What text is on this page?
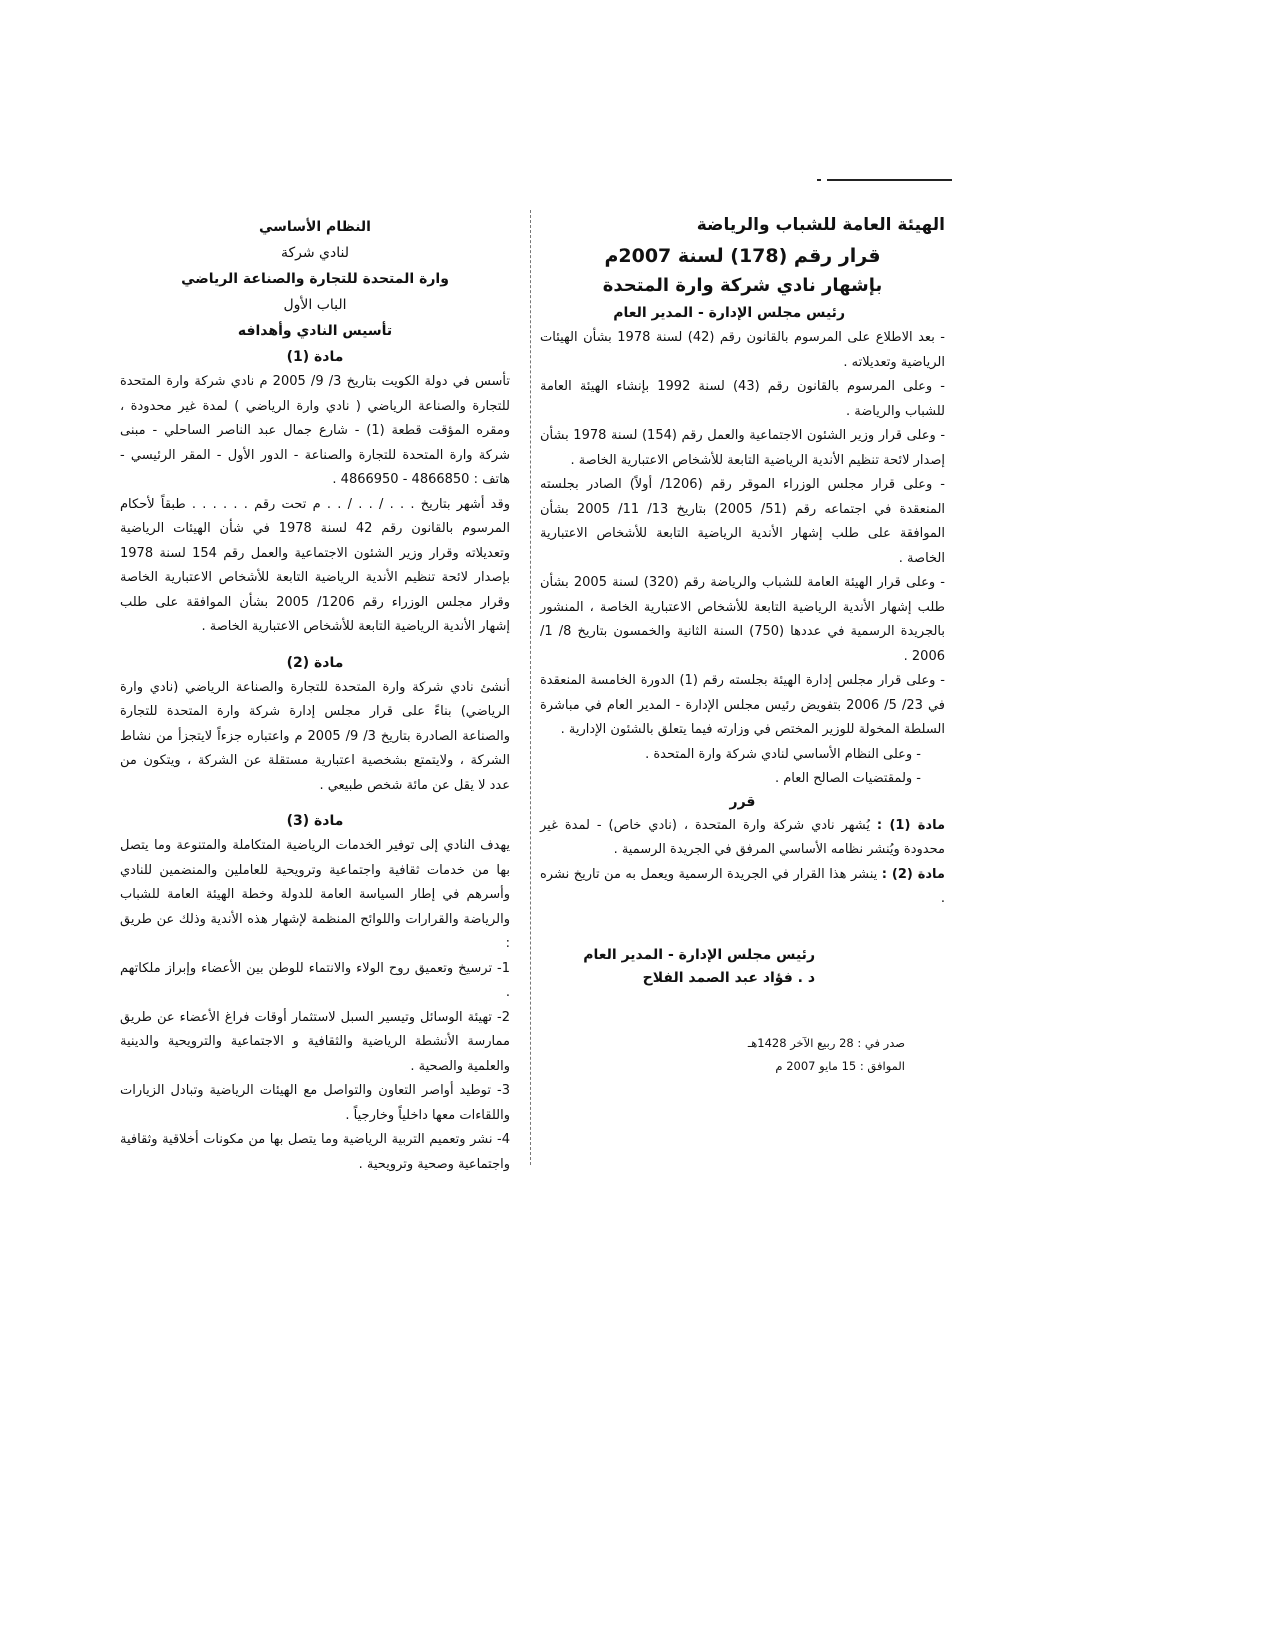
الهيئة العامة للشباب والرياضة

قرار رقم (178) لسنة 2007م

بإشهار نادي شركة وارة المتحدة

رئيس مجلس الإدارة - المدير العام

- بعد الاطلاع على المرسوم بالقانون رقم (42) لسنة 1978 بشأن الهيئات الرياضية وتعديلاته .

- وعلى المرسوم بالقانون رقم (43) لسنة 1992 بإنشاء الهيئة العامة للشباب والرياضة .

- وعلى قرار وزير الشئون الاجتماعية والعمل رقم (154) لسنة 1978 بشأن إصدار لائحة تنظيم الأندية الرياضية التابعة للأشخاص الاعتبارية الخاصة .

- وعلى قرار مجلس الوزراء الموقر رقم (1206/ أولاً) الصادر بجلسته المنعقدة في اجتماعه رقم (51/ 2005) بتاريخ 13/ 11/ 2005 بشأن الموافقة على طلب إشهار الأندية الرياضية التابعة للأشخاص الاعتبارية الخاصة .

- وعلى قرار الهيئة العامة للشباب والرياضة رقم (320) لسنة 2005 بشأن طلب إشهار الأندية الرياضية التابعة للأشخاص الاعتبارية الخاصة ، المنشور بالجريدة الرسمية في عددها (750) السنة الثانية والخمسون بتاريخ 8/ 1/ 2006 .

- وعلى قرار مجلس إدارة الهيئة بجلسته رقم (1) الدورة الخامسة المنعقدة في 23/ 5/ 2006 بتفويض رئيس مجلس الإدارة - المدير العام في مباشرة السلطة المخولة للوزير المختص في وزارته فيما يتعلق بالشئون الإدارية .

- وعلى النظام الأساسي لنادي شركة وارة المتحدة .

- ولمقتضيات الصالح العام .

قرر

مادة (1) : يُشهر نادي شركة وارة المتحدة ، (نادي خاص) - لمدة غير محدودة ويُنشر نظامه الأساسي المرفق في الجريدة الرسمية .

مادة (2) : ينشر هذا القرار في الجريدة الرسمية ويعمل به من تاريخ نشره .

رئيس مجلس الإدارة - المدير العام
د . فؤاد عبد الصمد الفلاح
صدر في : 28 ربيع الآخر 1428هـ
الموافق : 15 مايو 2007 م

النظام الأساسي

لنادي شركة

وارة المتحدة للتجارة والصناعة الرياضي

الباب الأول

تأسيس النادي وأهدافه

مادة (1)

تأسس في دولة الكويت بتاريخ 3/ 9/ 2005 م نادي شركة وارة المتحدة للتجارة والصناعة الرياضي ( نادي وارة الرياضي ) لمدة غير محدودة ، ومقره المؤقت قطعة (1) - شارع جمال عبد الناصر الساحلي - مبنى شركة وارة المتحدة للتجارة والصناعة - الدور الأول - المقر الرئيسي - هاتف : 4866850 - 4866950 .

وقد أشهر بتاريخ . . . / . . / . . م تحت رقم . . . . . . طبقاً لأحكام المرسوم بالقانون رقم 42 لسنة 1978 في شأن الهيئات الرياضية وتعديلاته وقرار وزير الشئون الاجتماعية والعمل رقم 154 لسنة 1978 بإصدار لائحة تنظيم الأندية الرياضية التابعة للأشخاص الاعتبارية الخاصة وقرار مجلس الوزراء رقم 1206/ 2005 بشأن الموافقة على طلب إشهار الأندية الرياضية التابعة للأشخاص الاعتبارية الخاصة .

مادة (2)

أنشئ نادي شركة وارة المتحدة للتجارة والصناعة الرياضي (نادي وارة الرياضي) بناءً على قرار مجلس إدارة شركة وارة المتحدة للتجارة والصناعة الصادرة بتاريخ 3/ 9/ 2005 م واعتباره جزءاً لايتجزأ من نشاط الشركة ، ولايتمتع بشخصية اعتبارية مستقلة عن الشركة ، ويتكون من عدد لا يقل عن مائة شخص طبيعي .

مادة (3)

يهدف النادي إلى توفير الخدمات الرياضية المتكاملة والمتنوعة وما يتصل بها من خدمات ثقافية واجتماعية وترويحية للعاملين والمنضمين للنادي وأسرهم في إطار السياسة العامة للدولة وخطة الهيئة العامة للشباب والرياضة والقرارات واللوائح المنظمة لإشهار هذه الأندية وذلك عن طريق :

1- ترسيخ وتعميق روح الولاء والانتماء للوطن بين الأعضاء وإبراز ملكاتهم .

2- تهيئة الوسائل وتيسير السبل لاستثمار أوقات فراغ الأعضاء عن طريق ممارسة الأنشطة الرياضية والثقافية و الاجتماعية والترويحية والدينية والعلمية والصحية .

3- توطيد أواصر التعاون والتواصل مع الهيئات الرياضية وتبادل الزيارات واللقاءات معها داخلياً وخارجياً .

4- نشر وتعميم التربية الرياضية وما يتصل بها من مكونات أخلاقية وثقافية واجتماعية وصحية وترويحية .
